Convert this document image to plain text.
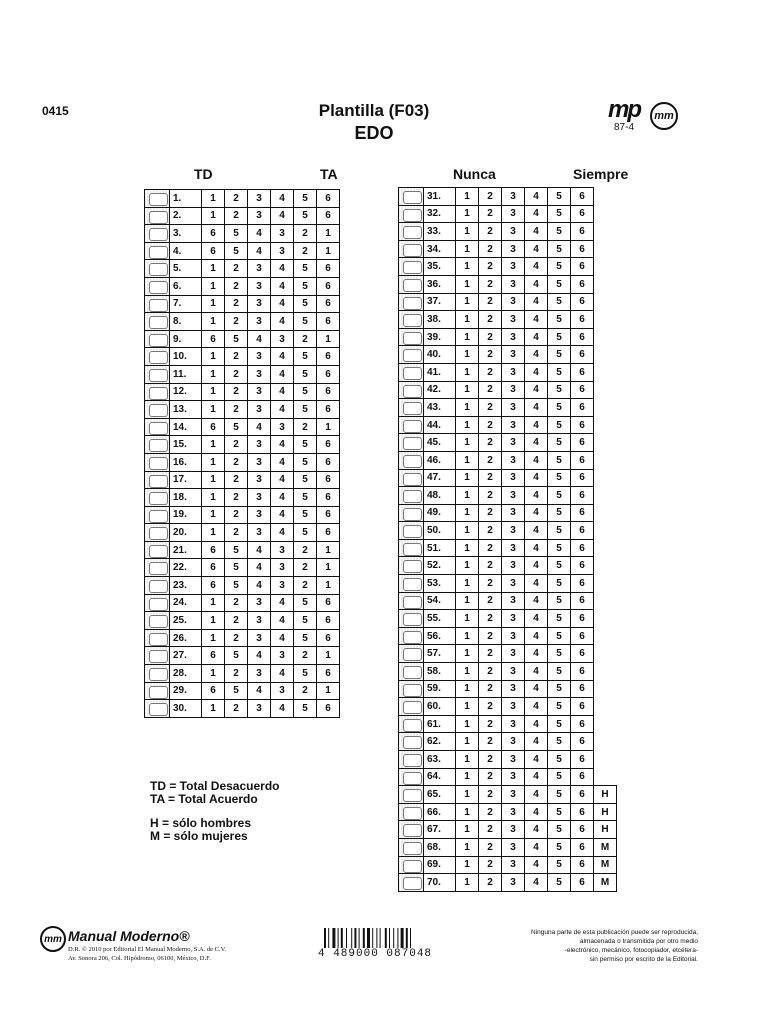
0415	Plantilla (F03)
EDO
mp
87-4
mm
TD	TA	Nunca	Siempre
	1.	1	2	3	4	5	6

	2.	1	2	3	4	5	6

	3.	6	5	4	3	2	1

	4.	6	5	4	3	2	1

	5.	1	2	3	4	5	6

	6.	1	2	3	4	5	6

	7.	1	2	3	4	5	6

	8.	1	2	3	4	5	6

	9.	6	5	4	3	2	1

	10.	1	2	3	4	5	6

	11.	1	2	3	4	5	6

	12.	1	2	3	4	5	6

	13.	1	2	3	4	5	6

	14.	6	5	4	3	2	1

	15.	1	2	3	4	5	6

	16.	1	2	3	4	5	6

	17.	1	2	3	4	5	6

	18.	1	2	3	4	5	6

	19.	1	2	3	4	5	6

	20.	1	2	3	4	5	6

	21.	6	5	4	3	2	1

	22.	6	5	4	3	2	1

	23.	6	5	4	3	2	1

	24.	1	2	3	4	5	6

	25.	1	2	3	4	5	6

	26.	1	2	3	4	5	6

	27.	6	5	4	3	2	1

	28.	1	2	3	4	5	6

	29.	6	5	4	3	2	1

	30.	1	2	3	4	5	6
	31.	1	2	3	4	5	6	

	32.	1	2	3	4	5	6	

	33.	1	2	3	4	5	6	

	34.	1	2	3	4	5	6	

	35.	1	2	3	4	5	6	

	36.	1	2	3	4	5	6	

	37.	1	2	3	4	5	6	

	38.	1	2	3	4	5	6	

	39.	1	2	3	4	5	6	

	40.	1	2	3	4	5	6	

	41.	1	2	3	4	5	6	

	42.	1	2	3	4	5	6	

	43.	1	2	3	4	5	6	

	44.	1	2	3	4	5	6	

	45.	1	2	3	4	5	6	

	46.	1	2	3	4	5	6	

	47.	1	2	3	4	5	6	

	48.	1	2	3	4	5	6	

	49.	1	2	3	4	5	6	

	50.	1	2	3	4	5	6	

	51.	1	2	3	4	5	6	

	52.	1	2	3	4	5	6	

	53.	1	2	3	4	5	6	

	54.	1	2	3	4	5	6	

	55.	1	2	3	4	5	6	

	56.	1	2	3	4	5	6	

	57.	1	2	3	4	5	6	

	58.	1	2	3	4	5	6	

	59.	1	2	3	4	5	6	

	60.	1	2	3	4	5	6	

	61.	1	2	3	4	5	6	

	62.	1	2	3	4	5	6	

	63.	1	2	3	4	5	6	

	64.	1	2	3	4	5	6	

	65.	1	2	3	4	5	6	H

	66.	1	2	3	4	5	6	H

	67.	1	2	3	4	5	6	H

	68.	1	2	3	4	5	6	M

	69.	1	2	3	4	5	6	M

	70.	1	2	3	4	5	6	M
TD = Total Desacuerdo
TA = Total Acuerdo
H = sólo hombres
M = sólo mujeres
mm Manual Moderno®
D.R. © 2010 por Editorial El Manual Moderno, S.A. de C.V.
Av. Sonora 206, Col. Hipódromo, 06100, México, D.F.	4 489000 087048
Ninguna parte de esta publicación puede ser reproducida,
almacenada o transmitida por otro medio
-electrónico, mecánico, fotocopiador, etcétera-
sin permiso por escrito de la Editorial.
